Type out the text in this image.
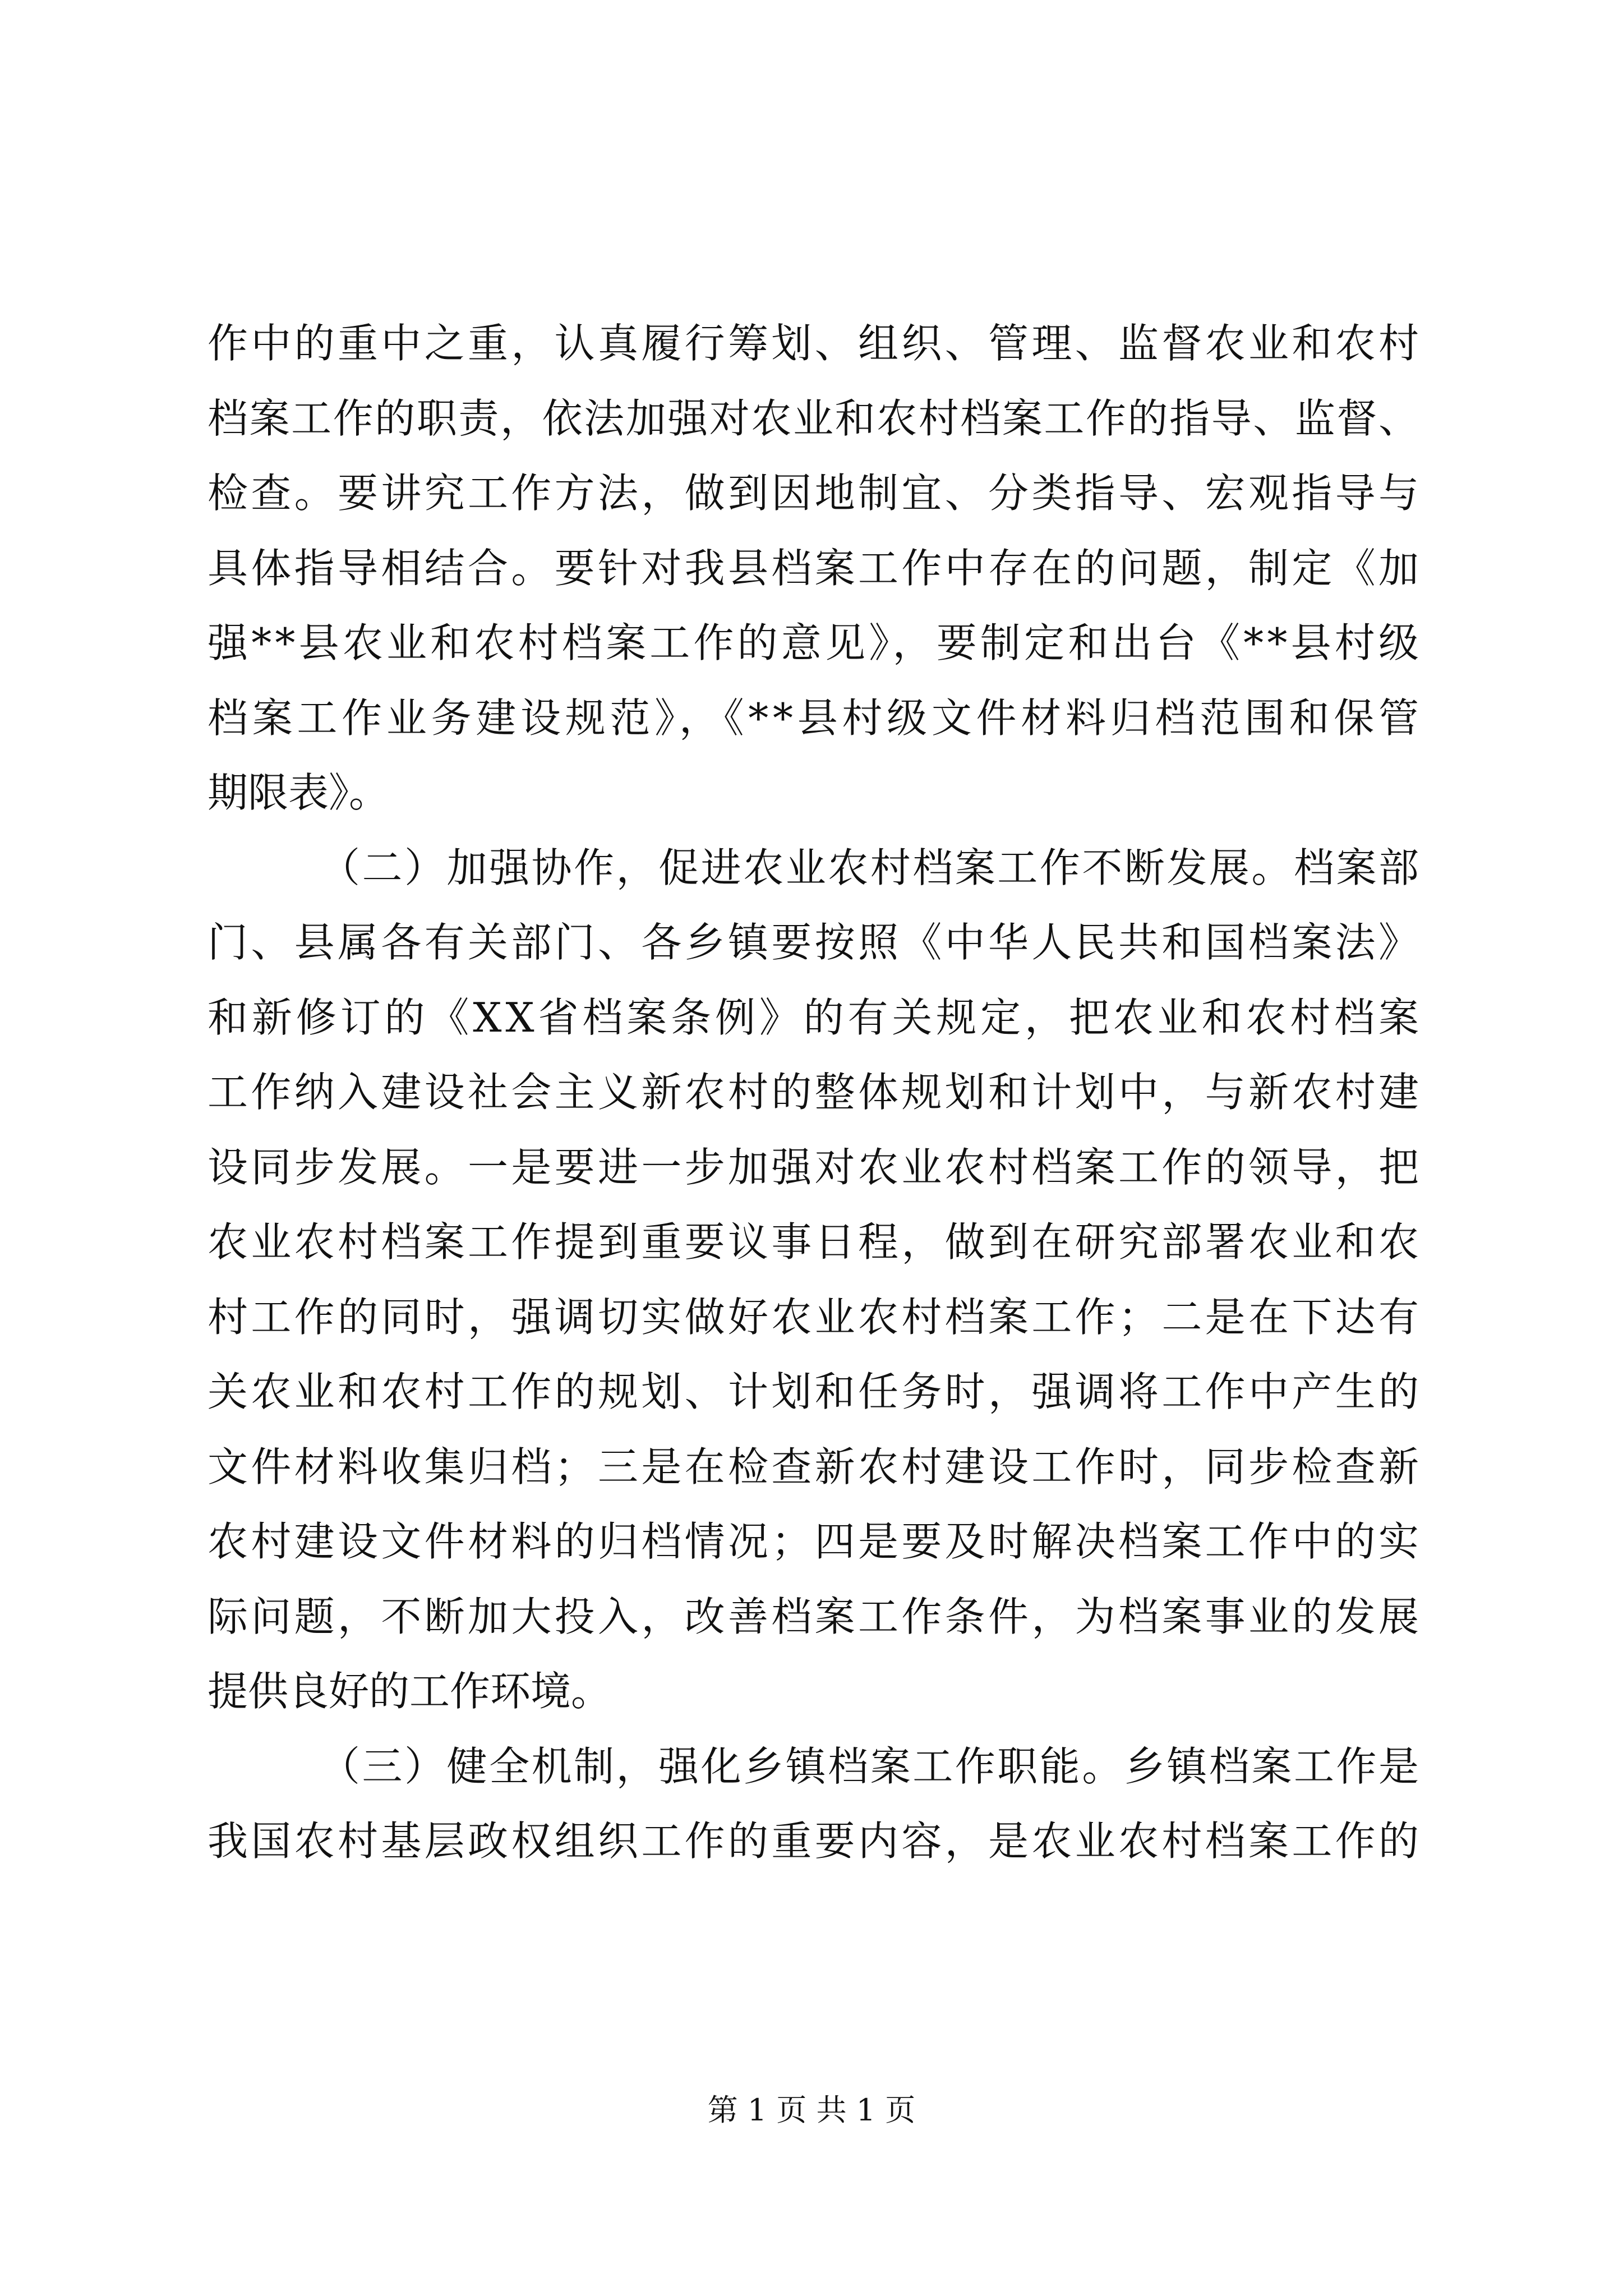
作中的重中之重，认真履行筹划、组织、管理、监督农业和农村
档案工作的职责，依法加强对农业和农村档案工作的指导、监督、
检查。要讲究工作方法，做到因地制宜、分类指导、宏观指导与
具体指导相结合。要针对我县档案工作中存在的问题，制定《加
强**县农业和农村档案工作的意见》，要制定和出台《**县村级
档案工作业务建设规范》，《**县村级文件材料归档范围和保管
期限表》。
（二）加强协作，促进农业农村档案工作不断发展。档案部
门、县属各有关部门、各乡镇要按照《中华人民共和国档案法》
和新修订的《XX省档案条例》的有关规定，把农业和农村档案
工作纳入建设社会主义新农村的整体规划和计划中，与新农村建
设同步发展。一是要进一步加强对农业农村档案工作的领导，把
农业农村档案工作提到重要议事日程，做到在研究部署农业和农
村工作的同时，强调切实做好农业农村档案工作；二是在下达有
关农业和农村工作的规划、计划和任务时，强调将工作中产生的
文件材料收集归档；三是在检查新农村建设工作时，同步检查新
农村建设文件材料的归档情况；四是要及时解决档案工作中的实
际问题，不断加大投入，改善档案工作条件，为档案事业的发展
提供良好的工作环境。
（三）健全机制，强化乡镇档案工作职能。乡镇档案工作是
我国农村基层政权组织工作的重要内容，是农业农村档案工作的
第 1 页 共 1 页
